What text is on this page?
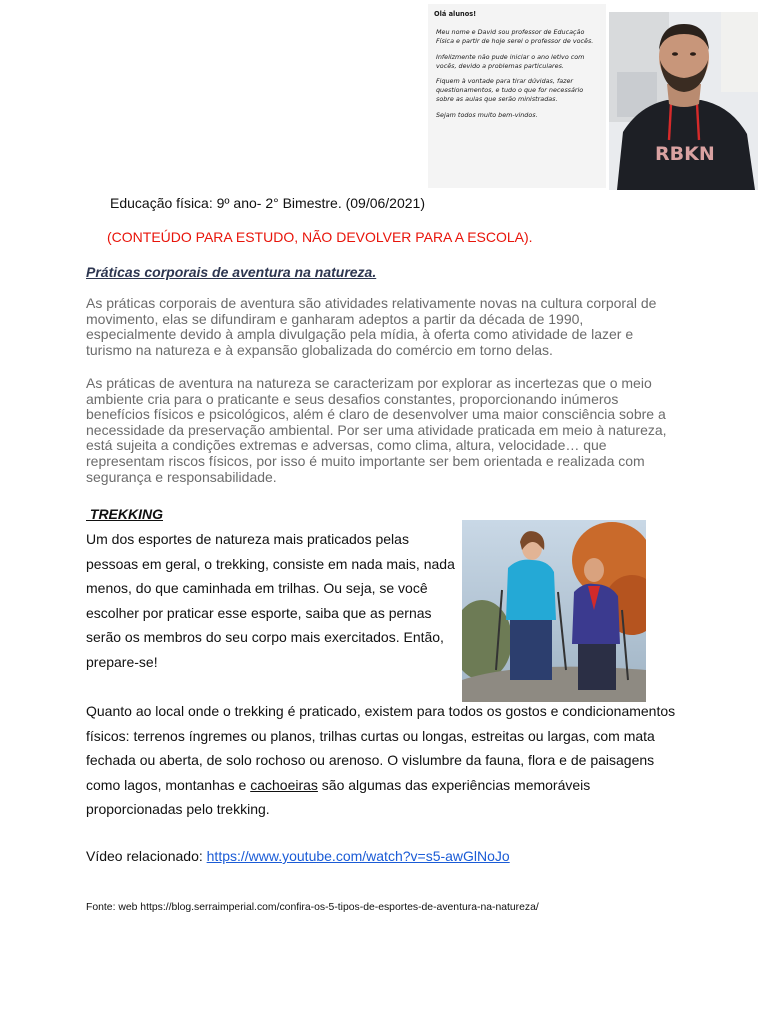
Olá alunos!

Meu nome e David sou professor de Educação Física e partir de hoje serei o professor de vocês.

Infelizmente não pude iniciar o ano letivo com vocês, devido a problemas particulares.

Fiquem à vontade para tirar dúvidas, fazer questionamentos, e tudo o que for necessário sobre as aulas que serão ministradas.

Sejam todos muito bem-vindos.

RBKN
Educação física: 9º ano- 2° Bimestre. (09/06/2021)
(CONTEÚDO PARA ESTUDO, NÃO DEVOLVER PARA A ESCOLA).
Práticas corporais de aventura na natureza.

As práticas corporais de aventura são atividades relativamente novas na cultura corporal de movimento, elas se difundiram e ganharam adeptos a partir da década de 1990, especialmente devido à ampla divulgação pela mídia, à oferta como atividade de lazer e turismo na natureza e à expansão globalizada do comércio em torno delas.

As práticas de aventura na natureza se caracterizam por explorar as incertezas que o meio ambiente cria para o praticante e seus desafios constantes, proporcionando inúmeros benefícios físicos e psicológicos, além é claro de desenvolver uma maior consciência sobre a necessidade da preservação ambiental. Por ser uma atividade praticada em meio à natureza, está sujeita a condições extremas e adversas, como clima, altura, velocidade… que representam riscos físicos, por isso é muito importante ser bem orientada e realizada com segurança e responsabilidade.

TREKKING

Um dos esportes de natureza mais praticados pelas pessoas em geral, o trekking, consiste em nada mais, nada menos, do que caminhada em trilhas. Ou seja, se você escolher por praticar esse esporte, saiba que as pernas serão os membros do seu corpo mais exercitados. Então, prepare-se!

Quanto ao local onde o trekking é praticado, existem para todos os gostos e condicionamentos físicos: terrenos íngremes ou planos, trilhas curtas ou longas, estreitas ou largas, com mata fechada ou aberta, de solo rochoso ou arenoso. O vislumbre da fauna, flora e de paisagens como lagos, montanhas e cachoeiras são algumas das experiências memoráveis proporcionadas pelo trekking.

Vídeo relacionado: https://www.youtube.com/watch?v=s5-awGlNoJo
Fonte: web https://blog.serraimperial.com/confira-os-5-tipos-de-esportes-de-aventura-na-natureza/
